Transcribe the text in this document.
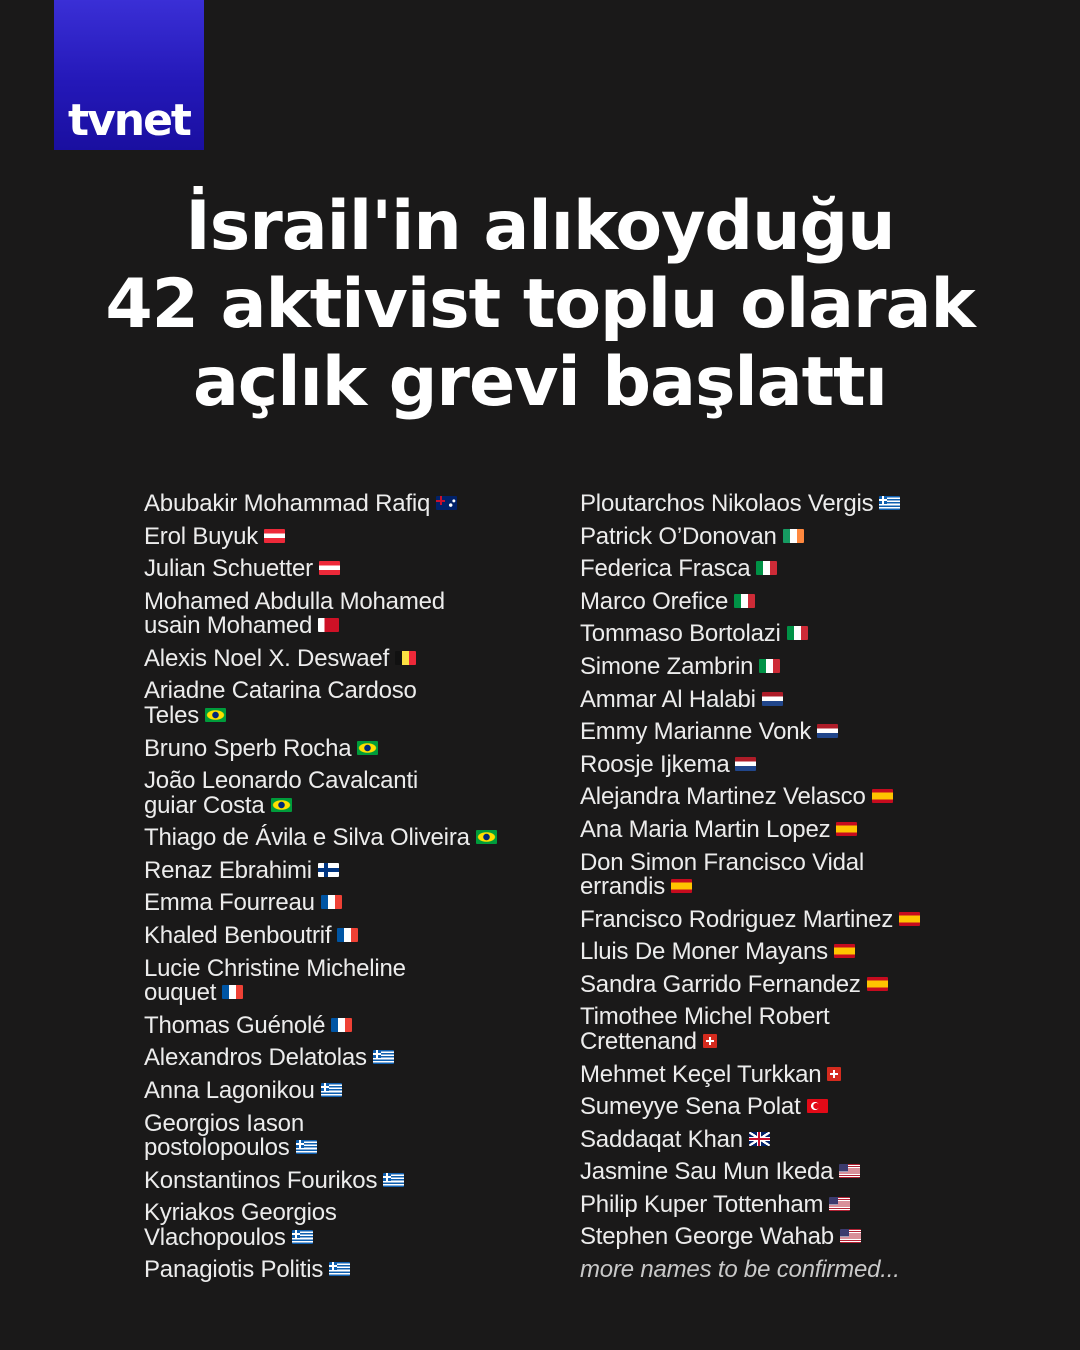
tvnet
İsrail'in alıkoyduğu
42 aktivist toplu olarak
açlık grevi başlattı
Abubakir Mohammad Rafiq
Erol Buyuk
Julian Schuetter
Mohamed Abdulla Mohamed
usain Mohamed
Alexis Noel X. Deswaef
Ariadne Catarina Cardoso
Teles
Bruno Sperb Rocha
João Leonardo Cavalcanti
guiar Costa
Thiago de Ávila e Silva Oliveira
Renaz Ebrahimi
Emma Fourreau
Khaled Benboutrif
Lucie Christine Micheline
ouquet
Thomas Guénolé
Alexandros Delatolas
Anna Lagonikou
Georgios Iason
postolopoulos
Konstantinos Fourikos
Kyriakos Georgios
Vlachopoulos
Panagiotis Politis
Ploutarchos Nikolaos Vergis
Patrick O’Donovan
Federica Frasca
Marco Orefice
Tommaso Bortolazi
Simone Zambrin
Ammar Al Halabi
Emmy Marianne Vonk
Roosje Ijkema
Alejandra Martinez Velasco
Ana Maria Martin Lopez
Don Simon Francisco Vidal
errandis
Francisco Rodriguez Martinez
Lluis De Moner Mayans
Sandra Garrido Fernandez
Timothee Michel Robert
Crettenand
Mehmet Keçel Turkkan
Sumeyye Sena Polat
Saddaqat Khan
Jasmine Sau Mun Ikeda
Philip Kuper Tottenham
Stephen George Wahab
more names to be confirmed...
